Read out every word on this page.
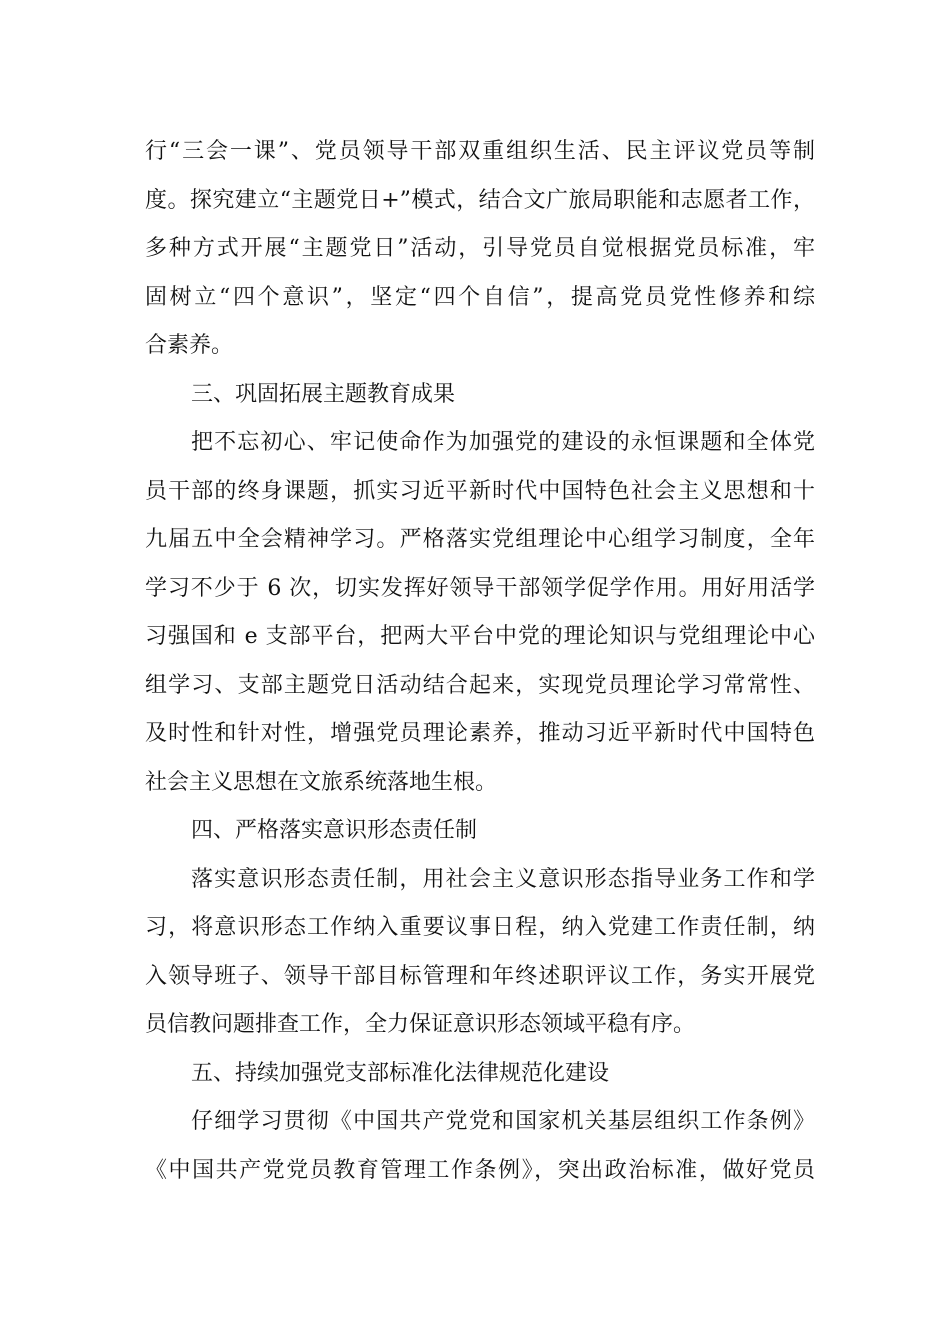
行“三会一课”、党员领导干部双重组织生活、民主评议党员等制
度。探究建立“主题党日+”模式，结合文广旅局职能和志愿者工作，
多种方式开展“主题党日”活动，引导党员自觉根据党员标准，牢
固树立“四个意识”，坚定“四个自信”，提高党员党性修养和综
合素养。
三、巩固拓展主题教育成果
把不忘初心、牢记使命作为加强党的建设的永恒课题和全体党
员干部的终身课题，抓实习近平新时代中国特色社会主义思想和十
九届五中全会精神学习。严格落实党组理论中心组学习制度，全年
学习不少于 6 次，切实发挥好领导干部领学促学作用。用好用活学
习强国和 e 支部平台，把两大平台中党的理论知识与党组理论中心
组学习、支部主题党日活动结合起来，实现党员理论学习常常性、
及时性和针对性，增强党员理论素养，推动习近平新时代中国特色
社会主义思想在文旅系统落地生根。
四、严格落实意识形态责任制
落实意识形态责任制，用社会主义意识形态指导业务工作和学
习，将意识形态工作纳入重要议事日程，纳入党建工作责任制，纳
入领导班子、领导干部目标管理和年终述职评议工作，务实开展党
员信教问题排查工作，全力保证意识形态领域平稳有序。
五、持续加强党支部标准化法律规范化建设
仔细学习贯彻《中国共产党党和国家机关基层组织工作条例》
《中国共产党党员教育管理工作条例》，突出政治标准，做好党员
